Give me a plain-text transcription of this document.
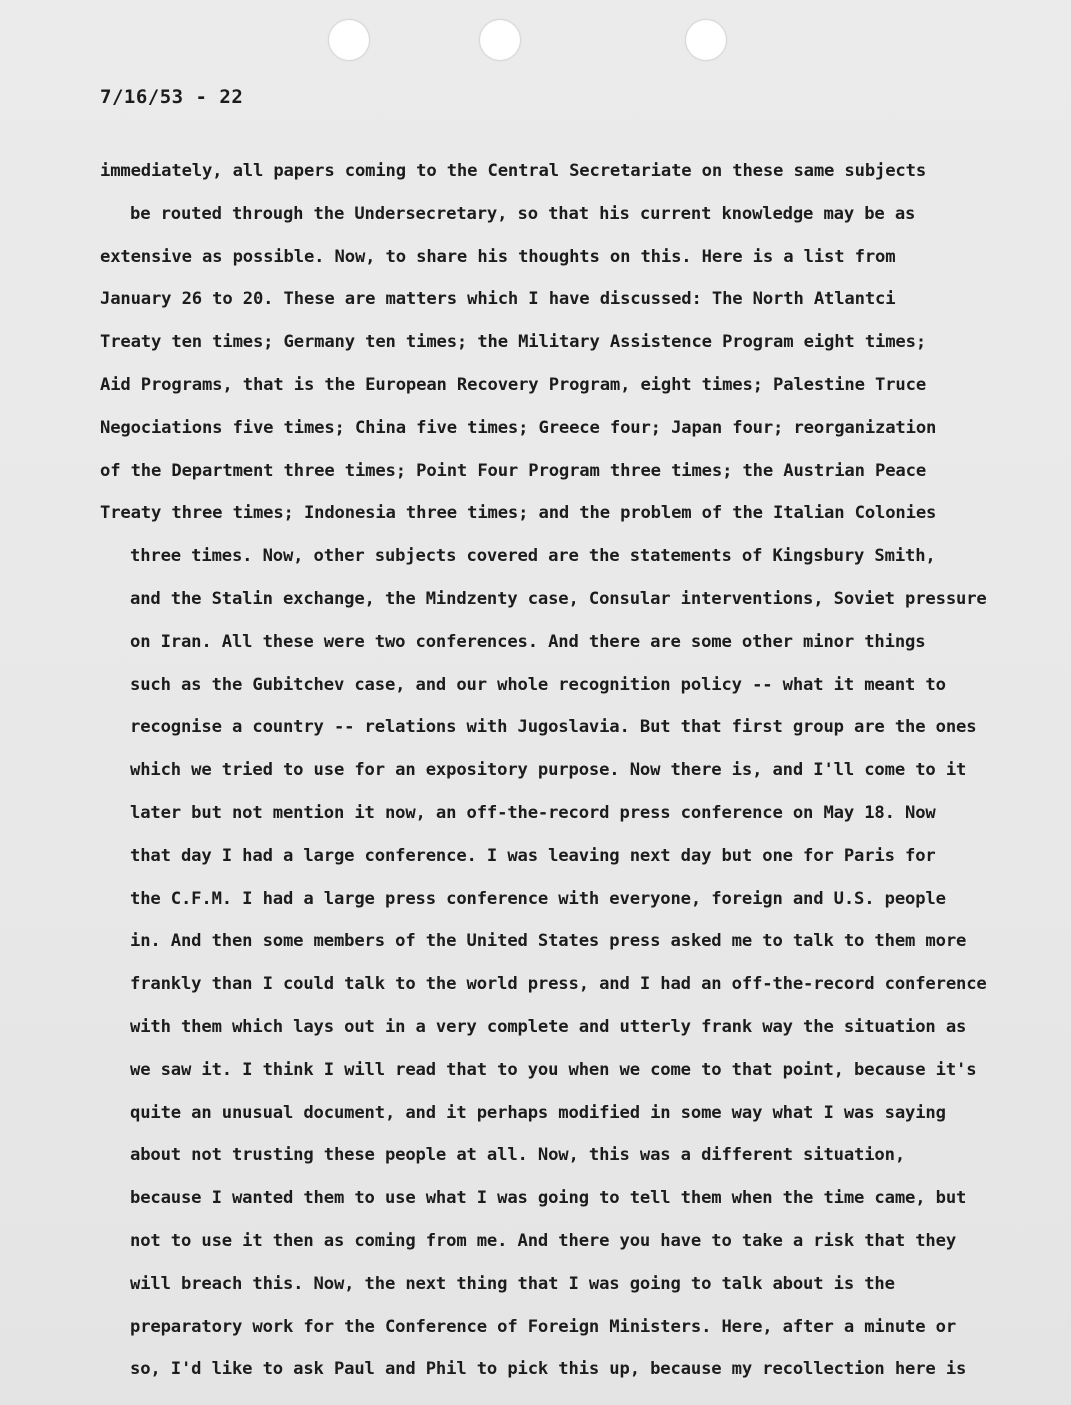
7/16/53 - 22
immediately, all papers coming to the Central Secretariate on these same subjects
be routed through the Undersecretary, so that his current knowledge may be as
extensive as possible. Now, to share his thoughts on this. Here is a list from
January 26 to 20. These are matters which I have discussed: The North Atlantci
Treaty ten times; Germany ten times; the Military Assistence Program eight times;
Aid Programs, that is the European Recovery Program, eight times; Palestine Truce
Negociations five times; China five times; Greece four; Japan four; reorganization
of the Department three times; Point Four Program three times; the Austrian Peace
Treaty three times; Indonesia three times; and the problem of the Italian Colonies
three times. Now, other subjects covered are the statements of Kingsbury Smith,
and the Stalin exchange, the Mindzenty case, Consular interventions, Soviet pressure
on Iran. All these were two conferences. And there are some other minor things
such as the Gubitchev case, and our whole recognition policy -- what it meant to
recognise a country -- relations with Jugoslavia. But that first group are the ones
which we tried to use for an expository purpose. Now there is, and I'll come to it
later but not mention it now, an off-the-record press conference on May 18. Now
that day I had a large conference. I was leaving next day but one for Paris for
the C.F.M. I had a large press conference with everyone, foreign and U.S. people
in. And then some members of the United States press asked me to talk to them more
frankly than I could talk to the world press, and I had an off-the-record conference
with them which lays out in a very complete and utterly frank way the situation as
we saw it. I think I will read that to you when we come to that point, because it's
quite an unusual document, and it perhaps modified in some way what I was saying
about not trusting these people at all. Now, this was a different situation,
because I wanted them to use what I was going to tell them when the time came, but
not to use it then as coming from me. And there you have to take a risk that they
will breach this. Now, the next thing that I was going to talk about is the
preparatory work for the Conference of Foreign Ministers. Here, after a minute or
so, I'd like to ask Paul and Phil to pick this up, because my recollection here is
